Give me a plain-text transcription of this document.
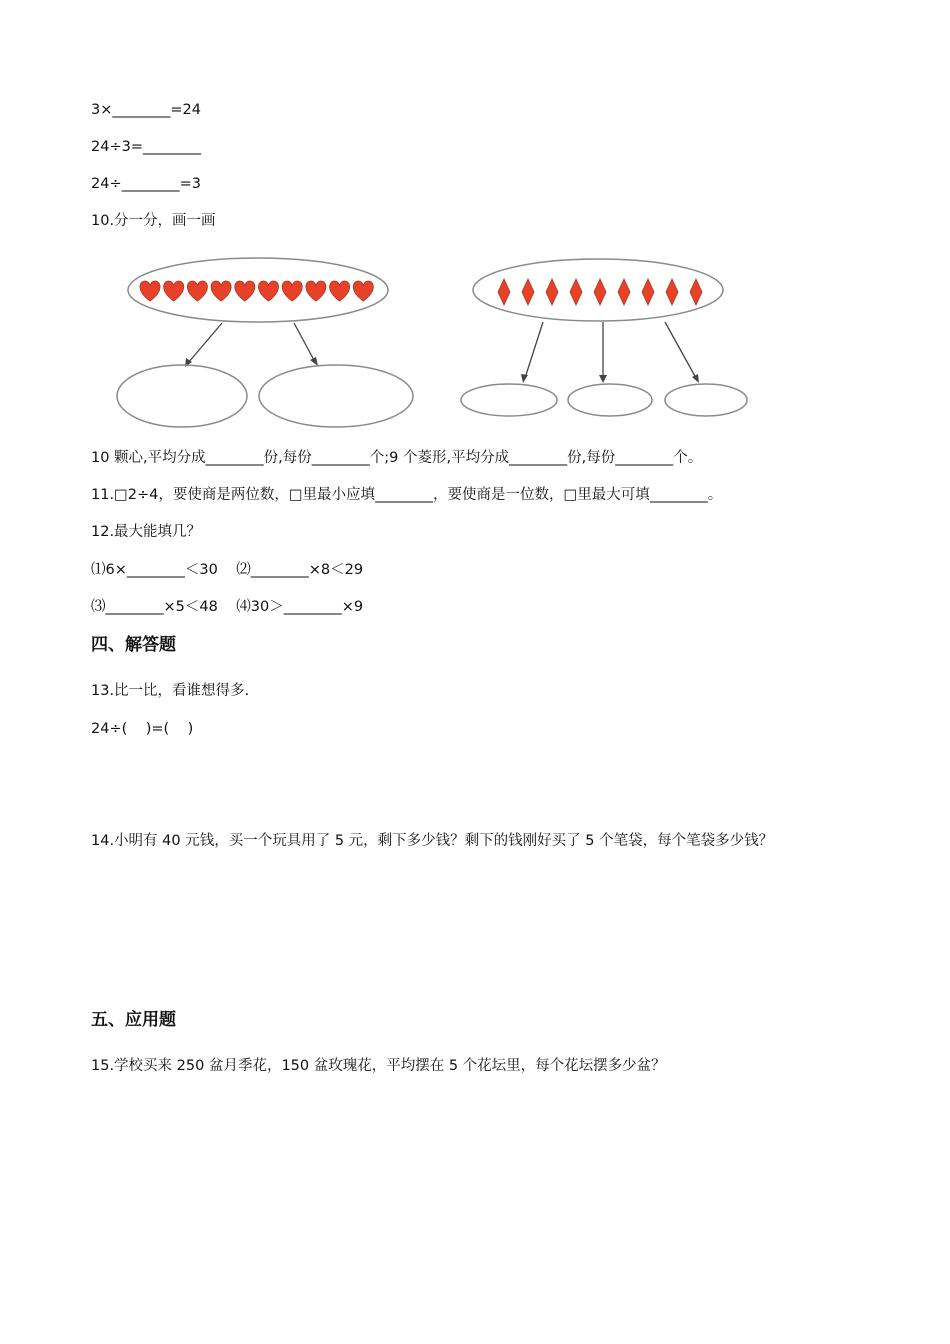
3×________=24
24÷3=________
24÷________=3
10.分一分，画一画
10 颗心,平均分成________份,每份________个;9 个菱形,平均分成________份,每份________个。
11.□2÷4，要使商是两位数，□里最小应填________，要使商是一位数，□里最大可填________。
12.最大能填几？
⑴6×________＜30    ⑵________×8＜29
⑶________×5＜48    ⑷30＞________×9
四、解答题
13.比一比，看谁想得多.
24÷(    )=(    )
14.小明有 40 元钱，买一个玩具用了 5 元，剩下多少钱？剩下的钱刚好买了 5 个笔袋，每个笔袋多少钱？
五、应用题
15.学校买来 250 盆月季花，150 盆玫瑰花，平均摆在 5 个花坛里，每个花坛摆多少盆？
